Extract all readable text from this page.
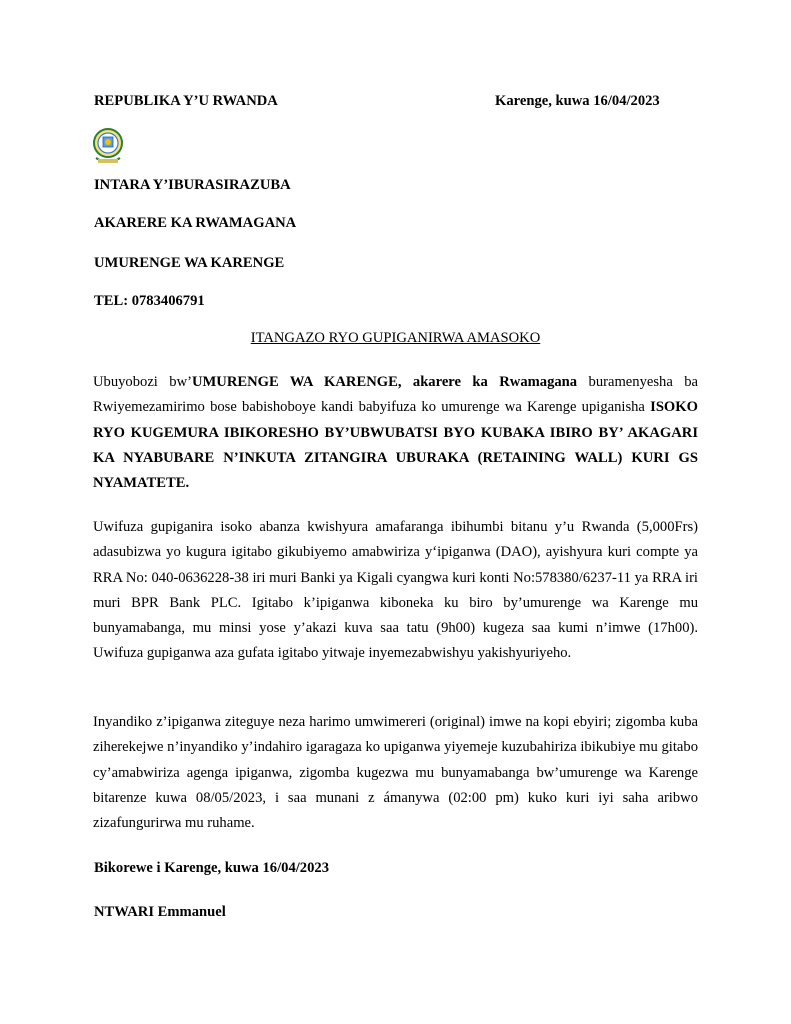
REPUBLIKA Y’U RWANDA	Karenge, kuwa 16/04/2023
INTARA Y’IBURASIRAZUBA
AKARERE KA RWAMAGANA
UMURENGE WA KARENGE
TEL: 0783406791
ITANGAZO RYO GUPIGANIRWA AMASOKO
Ubuyobozi bw’UMURENGE WA KARENGE, akarere ka Rwamagana buramenyesha ba Rwiyemezamirimo bose babishoboye kandi babyifuza ko umurenge wa Karenge upiganisha ISOKO RYO KUGEMURA IBIKORESHO BY’UBWUBATSI BYO KUBAKA IBIRO BY’ AKAGARI KA NYABUBARE N’INKUTA ZITANGIRA UBURAKA (RETAINING WALL) KURI GS NYAMATETE.
Uwifuza gupiganira isoko abanza kwishyura amafaranga ibihumbi bitanu y’u Rwanda (5,000Frs) adasubizwa yo kugura igitabo gikubiyemo amabwiriza y‘ipiganwa (DAO), ayishyura kuri compte ya RRA No: 040-0636228-38 iri muri Banki ya Kigali cyangwa kuri konti No:578380/6237-11 ya RRA iri muri BPR Bank PLC. Igitabo k’ipiganwa kiboneka ku biro by’umurenge wa Karenge mu bunyamabanga, mu minsi yose y’akazi kuva saa tatu (9h00) kugeza saa kumi n’imwe (17h00). Uwifuza gupiganwa aza gufata igitabo yitwaje inyemezabwishyu yakishyuriyeho.
Inyandiko z’ipiganwa ziteguye neza harimo umwimereri (original) imwe na kopi ebyiri; zigomba kuba ziherekejwe n’inyandiko y’indahiro igaragaza ko upiganwa yiyemeje kuzubahiriza ibikubiye mu gitabo cy’amabwiriza agenga ipiganwa, zigomba kugezwa mu bunyamabanga bw’umurenge wa Karenge bitarenze kuwa 08/05/2023, i saa munani z ámanywa (02:00 pm) kuko kuri iyi saha aribwo zizafungurirwa mu ruhame.
Bikorewe i Karenge, kuwa 16/04/2023
NTWARI Emmanuel
